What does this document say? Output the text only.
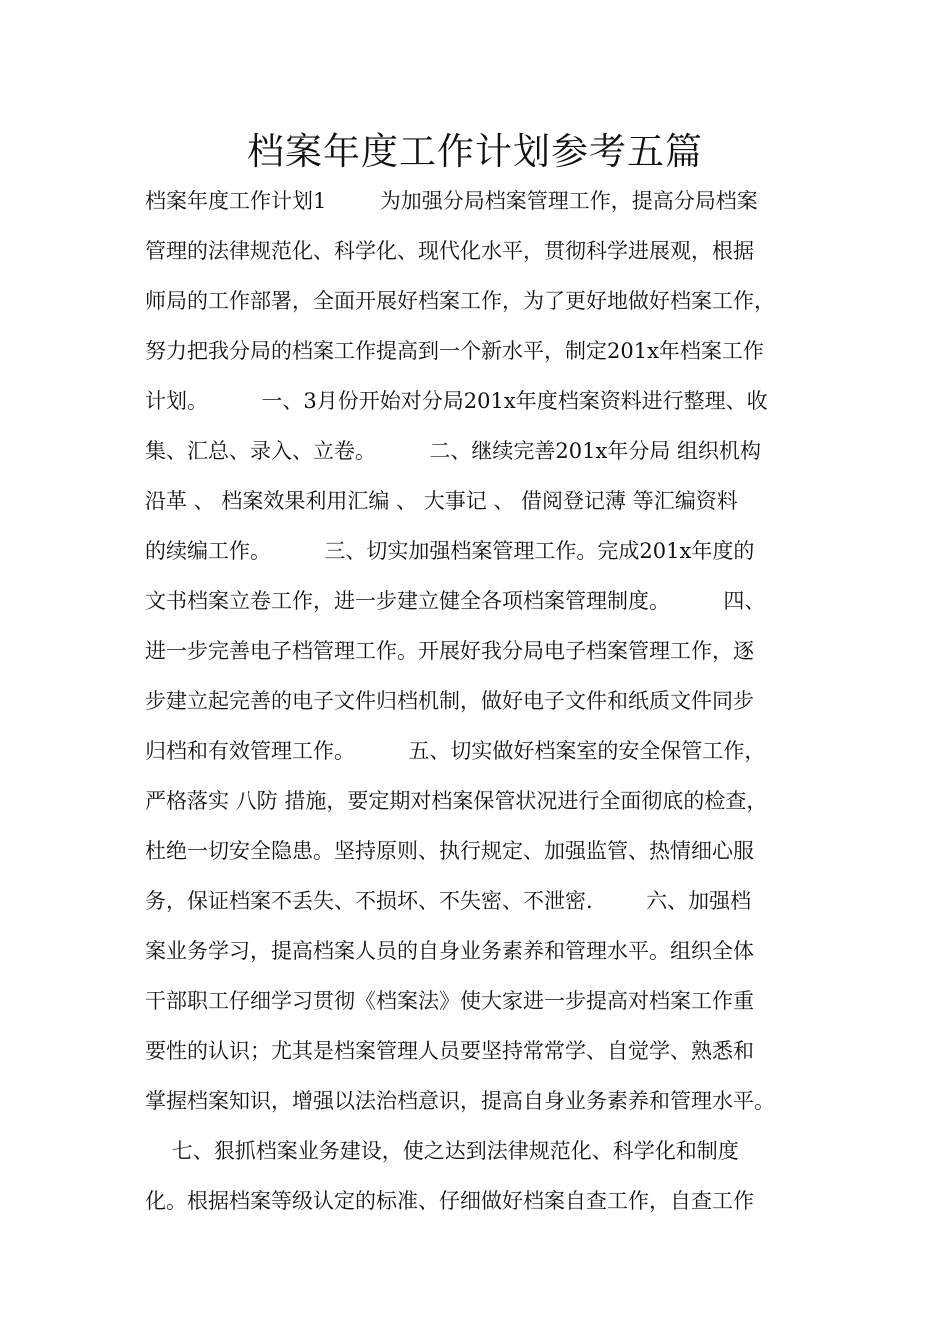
档案年度工作计划参考五篇
档案年度工作计划1        为加强分局档案管理工作，提高分局档案
管理的法律规范化、科学化、现代化水平，贯彻科学进展观，根据
师局的工作部署，全面开展好档案工作，为了更好地做好档案工作，
努力把我分局的档案工作提高到一个新水平，制定201x年档案工作
计划。        一、3月份开始对分局201x年度档案资料进行整理、收
集、汇总、录入、立卷。        二、继续完善201x年分局 组织机构
沿革 、 档案效果利用汇编 、 大事记 、 借阅登记薄 等汇编资料
的续编工作。        三、切实加强档案管理工作。完成201x年度的
文书档案立卷工作，进一步建立健全各项档案管理制度。        四、
进一步完善电子档管理工作。开展好我分局电子档案管理工作，逐
步建立起完善的电子文件归档机制，做好电子文件和纸质文件同步
归档和有效管理工作。        五、切实做好档案室的安全保管工作，
严格落实 八防 措施，要定期对档案保管状况进行全面彻底的检查，
杜绝一切安全隐患。坚持原则、执行规定、加强监管、热情细心服
务，保证档案不丢失、不损坏、不失密、不泄密.        六、加强档
案业务学习，提高档案人员的自身业务素养和管理水平。组织全体
干部职工仔细学习贯彻《档案法》使大家进一步提高对档案工作重
要性的认识；尤其是档案管理人员要坚持常常学、自觉学、熟悉和
掌握档案知识，增强以法治档意识，提高自身业务素养和管理水平。
七、狠抓档案业务建设，使之达到法律规范化、科学化和制度
化。根据档案等级认定的标准、仔细做好档案自查工作，自查工作
